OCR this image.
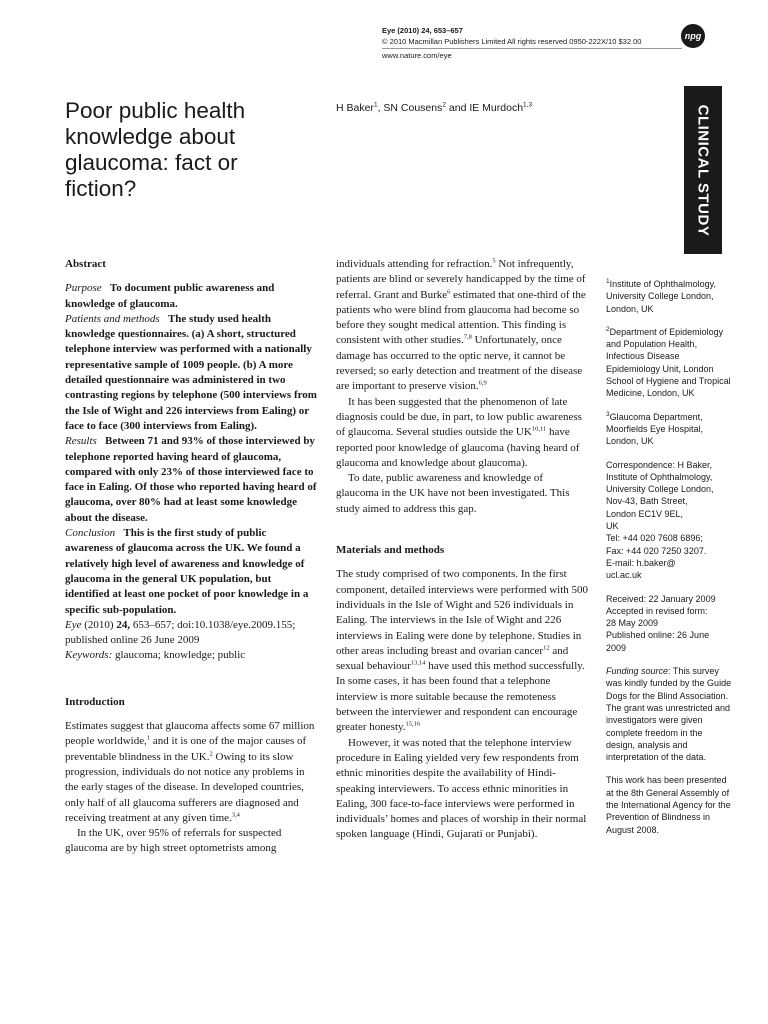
Eye (2010) 24, 653–657
© 2010 Macmillan Publishers Limited All rights reserved 0950-222X/10 $32.00
www.nature.com/eye
npg
Poor public health knowledge about glaucoma: fact or fiction?
H Baker$^1$, SN Cousens$^2$ and IE Murdoch$^{1,3}$	CLINICAL STUDY
Abstract

Purpose To document public awareness and knowledge of glaucoma.

Patients and methods The study used health knowledge questionnaires. (a) A short, structured telephone interview was performed with a nationally representative sample of 1009 people. (b) A more detailed questionnaire was administered in two contrasting regions by telephone (500 interviews from the Isle of Wight and 226 interviews from Ealing) or face to face (300 interviews from Ealing).

Results Between 71 and 93% of those interviewed by telephone reported having heard of glaucoma, compared with only 23% of those interviewed face to face in Ealing. Of those who reported having heard of glaucoma, over 80% had at least some knowledge about the disease.

Conclusion This is the first study of public awareness of glaucoma across the UK. We found a relatively high level of awareness and knowledge of glaucoma in the general UK population, but identified at least one pocket of poor knowledge in a specific sub-population.

Eye (2010) 24, 653–657; doi:10.1038/eye.2009.155; published online 26 June 2009

Keywords: glaucoma; knowledge; public

Introduction

Estimates suggest that glaucoma affects some 67 million people worldwide,$^1$ and it is one of the major causes of preventable blindness in the UK.$^2$ Owing to its slow progression, individuals do not notice any problems in the early stages of the disease. In developed countries, only half of all glaucoma sufferers are diagnosed and receiving treatment at any given time.$^{3,4}$

In the UK, over 95% of referrals for suspected glaucoma are by high street optometrists among

individuals attending for refraction.$^5$ Not infrequently, patients are blind or severely handicapped by the time of referral. Grant and Burke$^6$ estimated that one-third of the patients who were blind from glaucoma had become so before they sought medical attention. This finding is consistent with other studies.$^{7,8}$ Unfortunately, once damage has occurred to the optic nerve, it cannot be reversed; so early detection and treatment of the disease are important to preserve vision.$^{6,9}$

It has been suggested that the phenomenon of late diagnosis could be due, in part, to low public awareness of glaucoma. Several studies outside the UK$^{10,11}$ have reported poor knowledge of glaucoma (having heard of glaucoma and knowledge about glaucoma).

To date, public awareness and knowledge of glaucoma in the UK have not been investigated. This study aimed to address this gap.

Materials and methods

The study comprised of two components. In the first component, detailed interviews were performed with 500 individuals in the Isle of Wight and 526 individuals in Ealing. The interviews in the Isle of Wight and 226 interviews in Ealing were done by telephone. Studies in other areas including breast and ovarian cancer$^{12}$ and sexual behaviour$^{13,14}$ have used this method successfully. In some cases, it has been found that a telephone interview is more suitable because the remoteness between the interviewer and respondent can encourage greater honesty.$^{15,16}$

However, it was noted that the telephone interview procedure in Ealing yielded very few respondents from ethnic minorities despite the availability of Hindi-speaking interviewers. To access ethnic minorities in Ealing, 300 face-to-face interviews were performed in individuals’ homes and places of worship in their normal spoken language (Hindi, Gujarati or Punjabi).

$^1$Institute of Ophthalmology, University College London, London, UK

$^2$Department of Epidemiology and Population Health, Infectious Disease Epidemiology Unit, London School of Hygiene and Tropical Medicine, London, UK

$^3$Glaucoma Department, Moorfields Eye Hospital, London, UK

Correspondence: H Baker,
Institute of Ophthalmology,
University College London,
Nov-43, Bath Street,
London EC1V 9EL,
UK
Tel: +44 020 7608 6896;
Fax: +44 020 7250 3207.
E-mail: h.baker@
ucl.ac.uk
Received: 22 January 2009
Accepted in revised form:
28 May 2009
Published online: 26 June
2009

Funding source: This survey was kindly funded by the Guide Dogs for the Blind Association. The grant was unrestricted and investigators were given complete freedom in the design, analysis and interpretation of the data.

This work has been presented at the 8th General Assembly of the International Agency for the Prevention of Blindness in August 2008.
